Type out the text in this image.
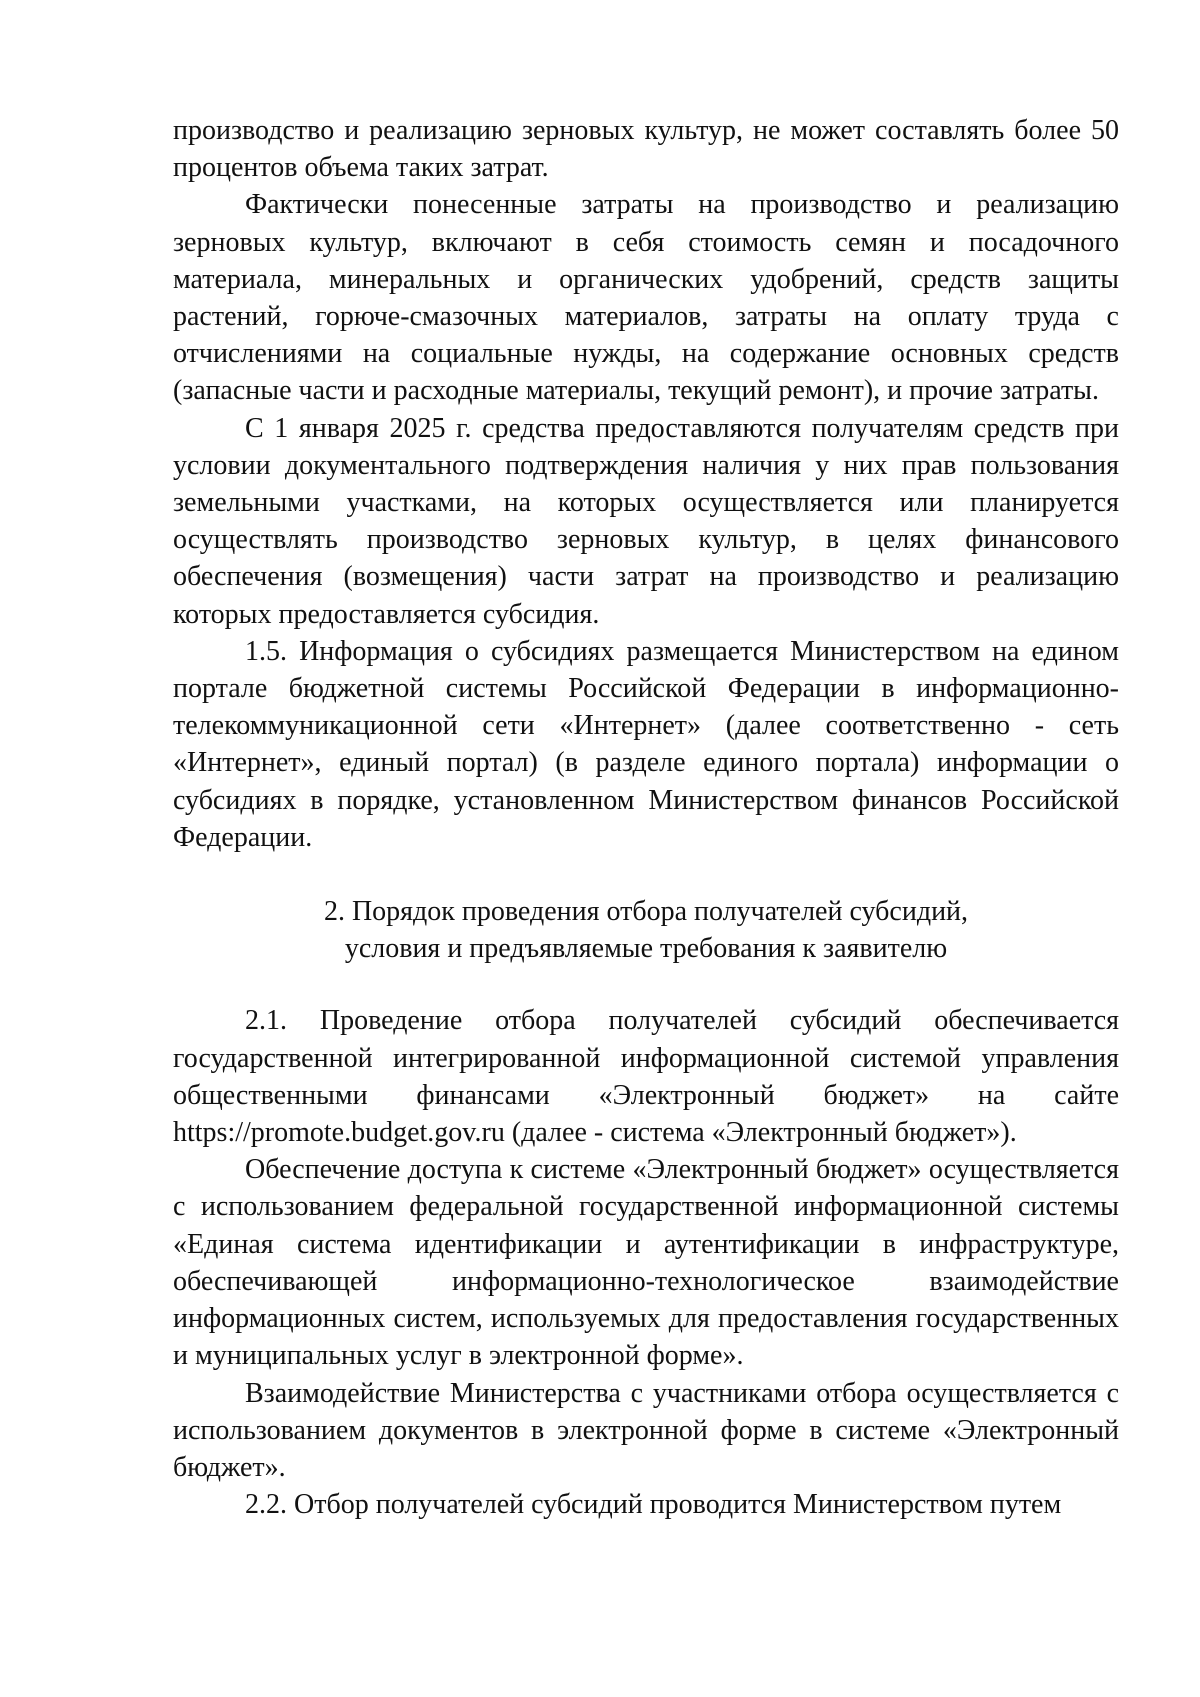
производство и реализацию зерновых культур, не может составлять более 50 процентов объема таких затрат.

Фактически понесенные затраты на производство и реализацию зерновых культур, включают в себя стоимость семян и посадочного материала, минеральных и органических удобрений, средств защиты растений, горюче-смазочных материалов, затраты на оплату труда с отчислениями на социальные нужды, на содержание основных средств (запасные части и расходные материалы, текущий ремонт), и прочие затраты.

С 1 января 2025 г. средства предоставляются получателям средств при условии документального подтверждения наличия у них прав пользования земельными участками, на которых осуществляется или планируется осуществлять производство зерновых культур, в целях финансового обеспечения (возмещения) части затрат на производство и реализацию которых предоставляется субсидия.

1.5. Информация о субсидиях размещается Министерством на едином портале бюджетной системы Российской Федерации в информационно-телекоммуникационной сети «Интернет» (далее соответственно - сеть «Интернет», единый портал) (в разделе единого портала) информации о субсидиях в порядке, установленном Министерством финансов Российской Федерации.

2. Порядок проведения отбора получателей субсидий,
условия и предъявляемые требования к заявителю

2.1. Проведение отбора получателей субсидий обеспечивается государственной интегрированной информационной системой управления общественными финансами «Электронный бюджет» на сайте https://promote.budget.gov.ru (далее - система «Электронный бюджет»).

Обеспечение доступа к системе «Электронный бюджет» осуществляется с использованием федеральной государственной информационной системы «Единая система идентификации и аутентификации в инфраструктуре, обеспечивающей информационно-технологическое взаимодействие информационных систем, используемых для предоставления государственных и муниципальных услуг в электронной форме».

Взаимодействие Министерства с участниками отбора осуществляется с использованием документов в электронной форме в системе «Электронный бюджет».

2.2. Отбор получателей субсидий проводится Министерством путем
